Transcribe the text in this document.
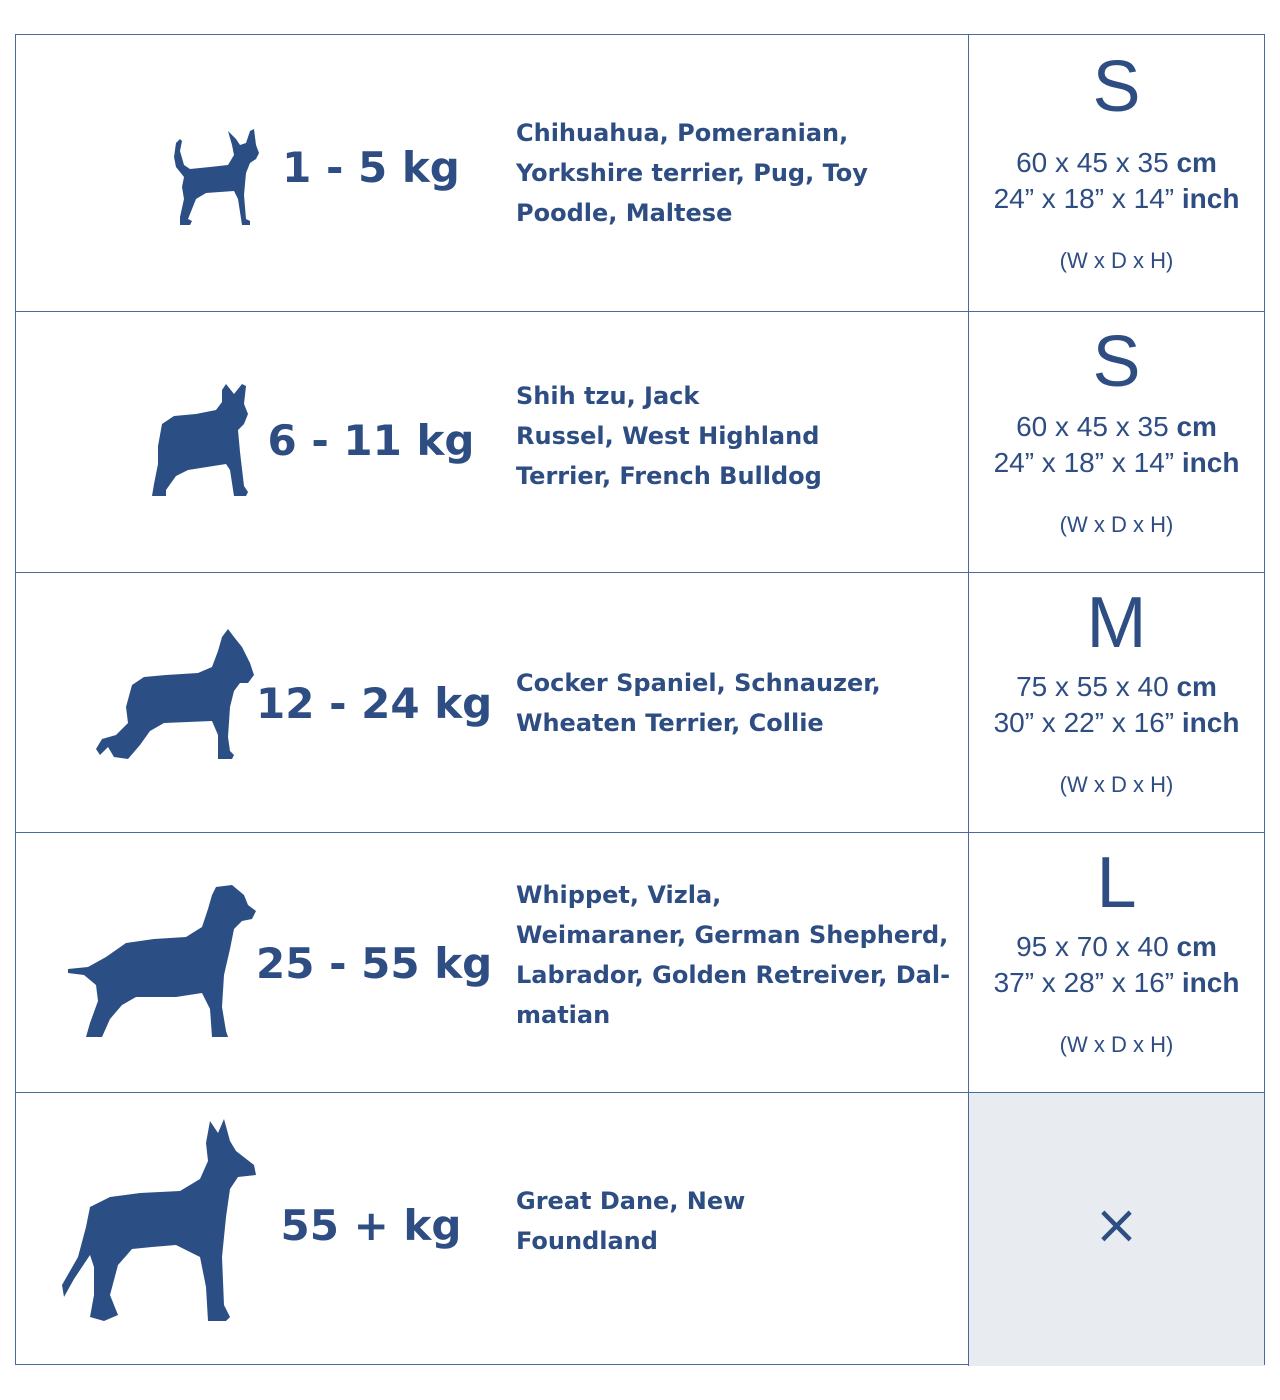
1 - 5 kg
Chihuahua, Pomeranian,
Yorkshire terrier, Pug, Toy
Poodle, Maltese
S
60 x 45 x 35 cm
24” x 18” x 14” inch
(W x D x H)
6 - 11 kg
Shih tzu, Jack
Russel, West Highland
Terrier, French Bulldog
S
60 x 45 x 35 cm
24” x 18” x 14” inch
(W x D x H)
12 - 24 kg Cocker Spaniel, Schnauzer,
Wheaten Terrier, Collie
M
75 x 55 x 40 cm
30” x 22” x 16” inch
(W x D x H)
25 - 55 kg
Whippet, Vizla,
Weimaraner, German Shepherd,
Labrador, Golden Retreiver, Dal-
matian
L
95 x 70 x 40 cm
37” x 28” x 16” inch
(W x D x H)
55 + kg	Great Dane, New
Foundland	×
